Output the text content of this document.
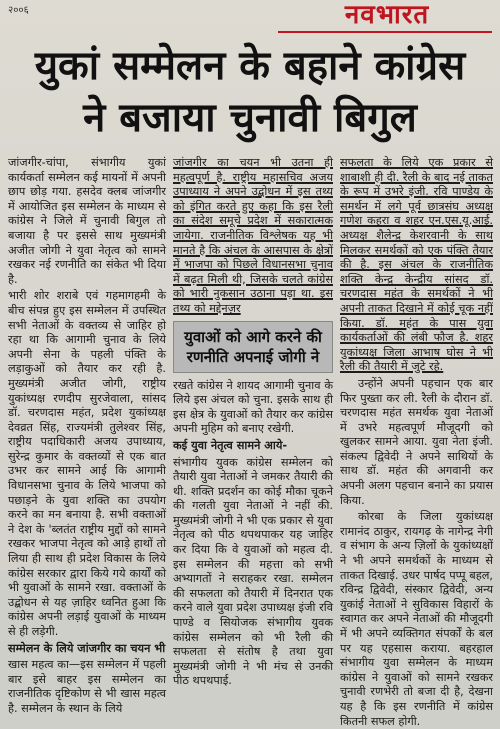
२००६	नवभारत
युकां सम्मेलन के बहाने कांग्रेस
ने बजाया चुनावी बिगुल

जांजगीर-चांपा, संभागीय युकां कार्यकर्ता सम्मेलन कई मायनों में अपनी छाप छोड़ गया. हसदेव क्लब जांजगीर में आयोजित इस सम्मेलन के माध्यम से कांग्रेस ने जिले में चुनावी बिगुल तो बजाया है पर इससे साथ मुख्यमंत्री अजीत जोगी ने युवा नेतृत्व को सामने रखकर नई रणनीति का संकेत भी दिया है.

भारी शोर शराबे एवं गहमागहमी के बीच संपन्न हुए इस सम्मेलन में उपस्थित सभी नेताओं के वक्तव्य से जाहिर हो रहा था कि आगामी चुनाव के लिये अपनी सेना के पहली पंक्ति के लड़ाकुओं को तैयार कर रही है. मुख्यमंत्री अजीत जोगी, राष्ट्रीय युकांध्यक्ष रणदीप सुरजेवाला, सांसद डॉ. चरणदास महंत, प्रदेश युकांध्यक्ष देवव्रत सिंह, राज्यमंत्री तुलेश्वर सिंह, राष्ट्रीय पदाधिकारी अजय उपाध्याय, सुरेन्द्र कुमार के वक्तव्यों से एक बात उभर कर सामने आई कि आगामी विधानसभा चुनाव के लिये भाजपा को पछाड़ने के युवा शक्ति का उपयोग करने का मन बनाया है. सभी वक्ताओं ने देश के 'ब्लतंत राष्ट्रीय मुद्दों को सामने रखकर भाजपा नेतृत्व को आड़े हाथों तो लिया ही साथ ही प्रदेश विकास के लिये कांग्रेस सरकार द्वारा किये गये कार्यों को भी युवाओं के सामने रखा. वक्ताओं के उद्बोधन से यह ज़ाहिर ध्वनित हुआ कि कांग्रेस अपनी लड़ाई युवाओं के माध्यम से ही लड़ेगी.

सम्मेलन के लिये जांजगीर का चयन भी

खास महत्व का—इस सम्मेलन में पहली बार इसे बाहर इस सम्मेलन का राजनीतिक दृष्टिकोण से भी खास महत्व है. सम्मेलन के स्थान के लिये

जांजगीर का चयन भी उतना ही महत्वपूर्ण है. राष्ट्रीय महासचिव अजय उपाध्याय ने अपने उद्बोधन में इस तथ्य को इंगित करते हुए कहा कि इस रैली का संदेश समूचे प्रदेश में सकारात्मक जायेगा. राजनीतिक विश्लेषक यह भी मानते है कि अंचल के आसपास के क्षेत्रों में भाजपा को पिछले विधानसभा चुनाव में बढ़त मिली थी, जिसके चलते कांग्रेस को भारी नुकसान उठाना पड़ा था. इस तथ्य को मद्देनज़र

युवाओं को आगे करने की रणनीति अपनाई जोगी ने

रखते कांग्रेस ने शायद आगामी चुनाव के लिये इस अंचल को चुना. इसके साथ ही इस क्षेत्र के युवाओं को तैयार कर कांग्रेस अपनी मुहिम को बनाए रखेगी.

कई युवा नेतृत्व सामने आये-

संभागीय युवक कांग्रेस सम्मेलन को तैयारी युवा नेताओं ने जमकर तैयारी की थी. शक्ति प्रदर्शन का कोई मौका चूकने की गलती युवा नेताओं ने नहीं की. मुख्यमंत्री जोगी ने भी एक प्रकार से युवा नेतृत्व को पीठ थपथपाकर यह जाहिर कर दिया कि वे युवाओं को महत्व दी. इस सम्मेलन की महत्ता को सभी अभ्यागतों ने सराहकर रखा. सम्मेलन की सफलता को तैयारी में दिनरात एक करने वाले युवा प्रदेश उपाध्यक्ष इंजी रवि पाण्डे व सियोजक संभागीय युवक कांग्रेस सम्मेलन को भी रैली की सफलता से संतोष है तथा युवा मुख्यमंत्री जोगी ने भी मंच से उनकी पीठ थपथपाई.

सफलता के लिये एक प्रकार से शाबाशी ही दी. रैली के बाद नई ताकत के रूप में उभरे इंजी. रवि पाण्डेय के समर्थन में लगे पूर्व छात्रसंघ अध्यक्ष गणेश कहरा व शहर एन.एस.यू.आई. अध्यक्ष शैलेन्द्र केशरवानी के साथ मिलकर समर्थकों को एक पंक्ति तैयार की है. इस अंचल के राजनीतिक शक्ति केन्द्र केन्द्रीय सांसद डॉ. चरणदास महंत के समर्थकों ने भी अपनी ताकत दिखाने में कोई चूक नहीं किया. डॉ. महंत के पास युवा कार्यकर्ताओं की लंबी फौज है. शहर युकांध्यक्ष जिला आभाष घोस ने भी रैली की तैयारी में जुटे रहे.

उन्होंने अपनी पहचान एक बार फिर पुख्ता कर ली. रैली के दौरान डॉ. चरणदास महंत समर्थक युवा नेताओं में उभरे महत्वपूर्ण मौजूदगी को खुलकर सामने आया. युवा नेता इंजी. संकल्प द्विवेदी ने अपने साथियों के साथ डॉ. महंत की अगवानी कर अपनी अलग पहचान बनाने का प्रयास किया.

कोरबा के जिला युकांध्यक्ष रामानंद ठाकुर, रायगढ़ के नागेन्द्र नेगी व संभाग के अन्य ज़िलों के युकांध्यक्षों ने भी अपने समर्थकों के माध्यम से ताकत दिखाई. उधर पार्षद पप्पू बहल, रविन्द्र द्विवेदी, संस्कार द्विवेदी, अन्य युकांई नेताओं ने सुविकास विहारों के स्वागत कर अपने नेताओं की मौजूदगी में भी अपने व्यक्तिगत संपर्कों के बल पर यह एहसास कराया. बहरहाल संभागीय युवा सम्मेलन के माध्यम कांग्रेस ने युवाओं को सामने रखकर चुनावी रणभेरी तो बजा दी है, देखना यह है कि इस रणनीति में कांग्रेस कितनी सफल होगी.
